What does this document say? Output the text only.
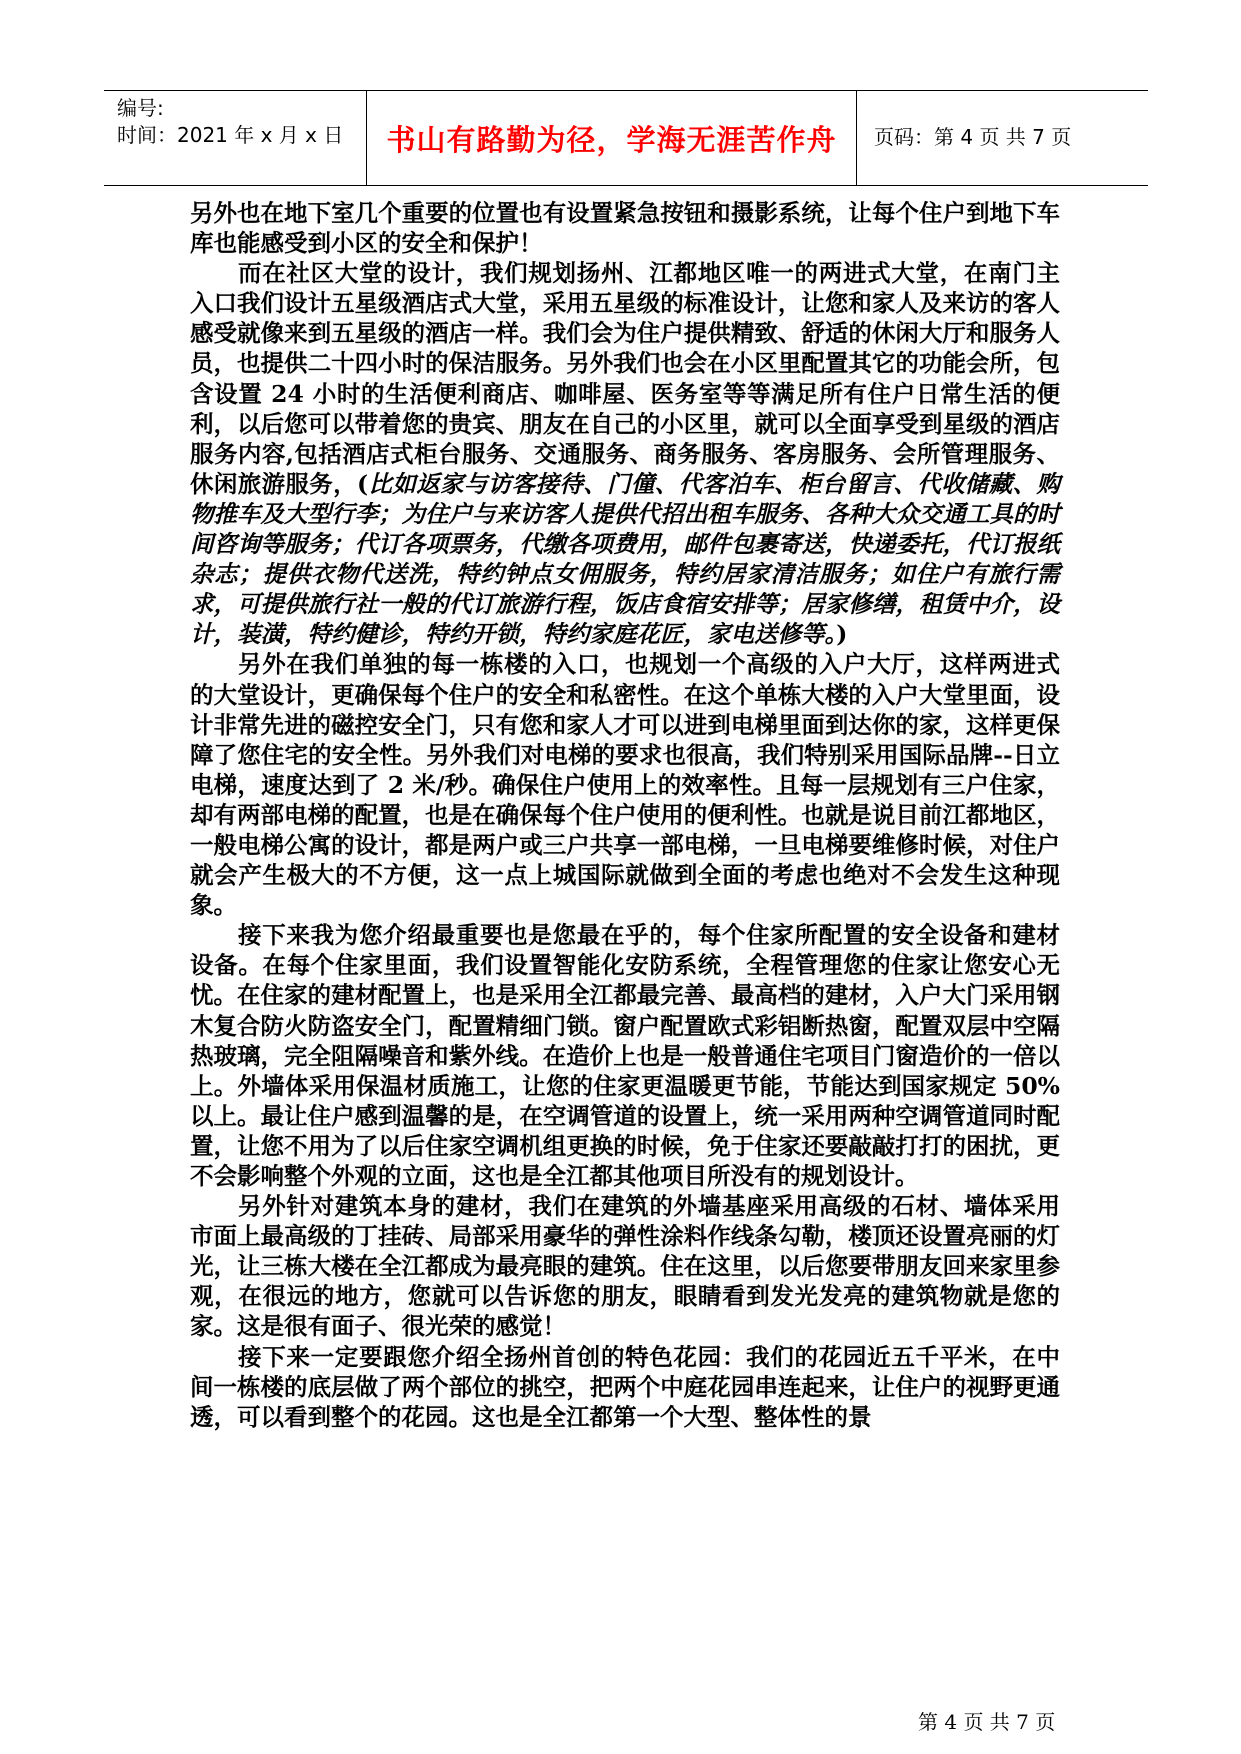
编号:
时间：2021 年 x 月 x 日	书山有路勤为径，学海无涯苦作舟	页码：第 4 页 共 7 页

另外也在地下室几个重要的位置也有设置紧急按钮和摄影系统，让每个住户到地下车库也能感受到小区的安全和保护！

而在社区大堂的设计，我们规划扬州、江都地区唯一的两进式大堂，在南门主入口我们设计五星级酒店式大堂，采用五星级的标准设计，让您和家人及来访的客人感受就像来到五星级的酒店一样。我们会为住户提供精致、舒适的休闲大厅和服务人员，也提供二十四小时的保洁服务。另外我们也会在小区里配置其它的功能会所，包含设置 24 小时的生活便利商店、咖啡屋、医务室等等满足所有住户日常生活的便利，以后您可以带着您的贵宾、朋友在自己的小区里，就可以全面享受到星级的酒店服务内容,包括酒店式柜台服务、交通服务、商务服务、客房服务、会所管理服务、休闲旅游服务，(比如返家与访客接待、门僮、代客泊车、柜台留言、代收储藏、购物推车及大型行李；为住户与来访客人提供代招出租车服务、各种大众交通工具的时间咨询等服务；代订各项票务，代缴各项费用，邮件包裹寄送，快递委托，代订报纸杂志；提供衣物代送洗，特约钟点女佣服务，特约居家清洁服务；如住户有旅行需求，可提供旅行社一般的代订旅游行程，饭店食宿安排等；居家修缮，租赁中介，设计，装潢，特约健诊，特约开锁，特约家庭花匠，家电送修等。)

另外在我们单独的每一栋楼的入口，也规划一个高级的入户大厅，这样两进式的大堂设计，更确保每个住户的安全和私密性。在这个单栋大楼的入户大堂里面，设计非常先进的磁控安全门，只有您和家人才可以进到电梯里面到达你的家，这样更保障了您住宅的安全性。另外我们对电梯的要求也很高，我们特别采用国际品牌--日立电梯，速度达到了 2 米/秒。确保住户使用上的效率性。且每一层规划有三户住家，却有两部电梯的配置，也是在确保每个住户使用的便利性。也就是说目前江都地区，一般电梯公寓的设计，都是两户或三户共享一部电梯，一旦电梯要维修时候，对住户就会产生极大的不方便，这一点上城国际就做到全面的考虑也绝对不会发生这种现象。

接下来我为您介绍最重要也是您最在乎的，每个住家所配置的安全设备和建材设备。在每个住家里面，我们设置智能化安防系统，全程管理您的住家让您安心无忧。在住家的建材配置上，也是采用全江都最完善、最高档的建材，入户大门采用钢木复合防火防盗安全门，配置精细门锁。窗户配置欧式彩铝断热窗，配置双层中空隔热玻璃，完全阻隔噪音和紫外线。在造价上也是一般普通住宅项目门窗造价的一倍以上。外墙体采用保温材质施工，让您的住家更温暖更节能，节能达到国家规定 50%以上。最让住户感到温馨的是，在空调管道的设置上，统一采用两种空调管道同时配置，让您不用为了以后住家空调机组更换的时候，免于住家还要敲敲打打的困扰，更不会影响整个外观的立面，这也是全江都其他项目所没有的规划设计。

另外针对建筑本身的建材，我们在建筑的外墙基座采用高级的石材、墙体采用市面上最高级的丁挂砖、局部采用豪华的弹性涂料作线条勾勒，楼顶还设置亮丽的灯光，让三栋大楼在全江都成为最亮眼的建筑。住在这里，以后您要带朋友回来家里参观，在很远的地方，您就可以告诉您的朋友，眼睛看到发光发亮的建筑物就是您的家。这是很有面子、很光荣的感觉！

接下来一定要跟您介绍全扬州首创的特色花园：我们的花园近五千平米，在中间一栋楼的底层做了两个部位的挑空，把两个中庭花园串连起来，让住户的视野更通透，可以看到整个的花园。这也是全江都第一个大型、整体性的景

第 4 页 共 7 页
